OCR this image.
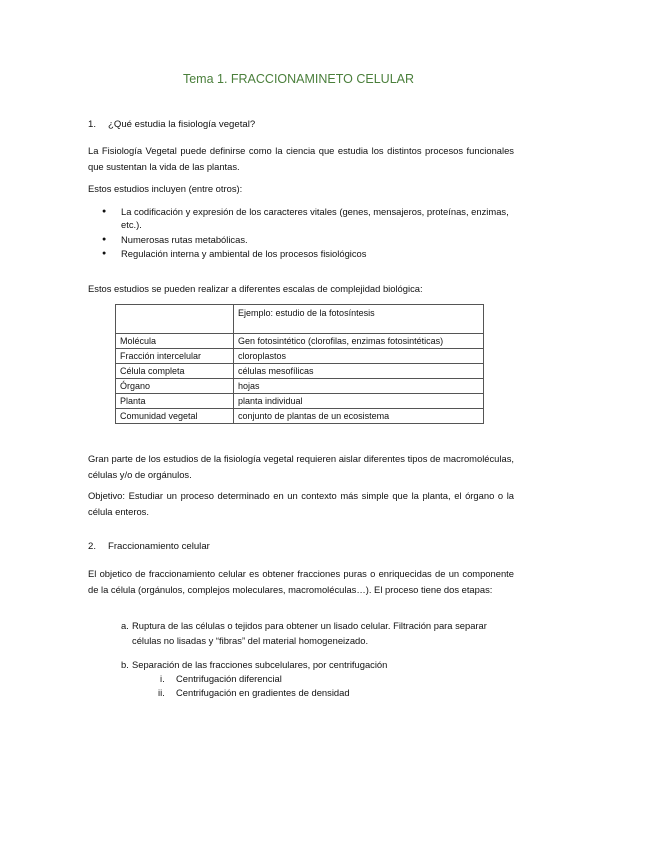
Tema 1. FRACCIONAMINETO CELULAR
1. ¿Qué estudia la fisiología vegetal?
La Fisiología Vegetal puede definirse como la ciencia que estudia los distintos procesos funcionales que sustentan la vida de las plantas.
Estos estudios incluyen (entre otros):
● La codificación y expresión de los caracteres vitales (genes, mensajeros, proteínas, enzimas, etc.).
● Numerosas rutas metabólicas.
● Regulación interna y ambiental de los procesos fisiológicos
Estos estudios se pueden realizar a diferentes escalas de complejidad biológica:
	Ejemplo: estudio de la fotosíntesis
Molécula	Gen fotosintético (clorofilas, enzimas fotosintéticas)
Fracción intercelular	cloroplastos
Célula completa	células mesofílicas
Órgano	hojas
Planta	planta individual
Comunidad vegetal	conjunto de plantas de un ecosistema
Gran parte de los estudios de la fisiología vegetal requieren aislar diferentes tipos de macromoléculas, células y/o de orgánulos.
Objetivo: Estudiar un proceso determinado en un contexto más simple que la planta, el órgano o la célula enteros.
2. Fraccionamiento celular
El objetico de fraccionamiento celular es obtener fracciones puras o enriquecidas de un componente de la célula (orgánulos, complejos moleculares, macromoléculas…). El proceso tiene dos etapas:
a. Ruptura de las células o tejidos para obtener un lisado celular. Filtración para separar células no lisadas y “fibras” del material homogeneizado.
b. Separación de las fracciones subcelulares, por centrifugación
i. Centrifugación diferencial
ii. Centrifugación en gradientes de densidad
